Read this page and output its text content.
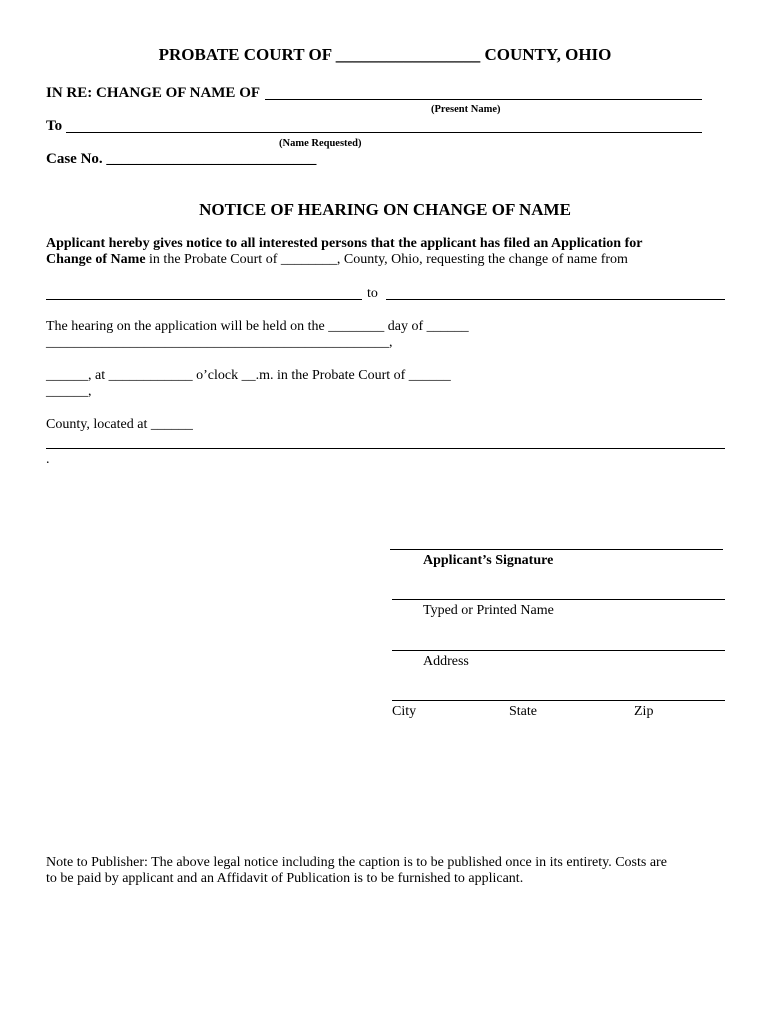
PROBATE COURT OF _________________ COUNTY, OHIO
IN RE: CHANGE OF NAME OF
(Present Name)
To
(Name Requested)
Case No. ____________________________
NOTICE OF HEARING ON CHANGE OF NAME
Applicant hereby gives notice to all interested persons that the applicant has filed an Application for
Change of Name in the Probate Court of ________, County, Ohio, requesting the change of name from
to
The hearing on the application will be held on the ________ day of ______
_________________________________________________,
______, at ____________ o’clock __.m. in the Probate Court of ______
______,
County, located at ______
.
Applicant’s Signature
Typed or Printed Name
Address
City	State	Zip
Note to Publisher: The above legal notice including the caption is to be published once in its entirety. Costs are
to be paid by applicant and an Affidavit of Publication is to be furnished to applicant.
